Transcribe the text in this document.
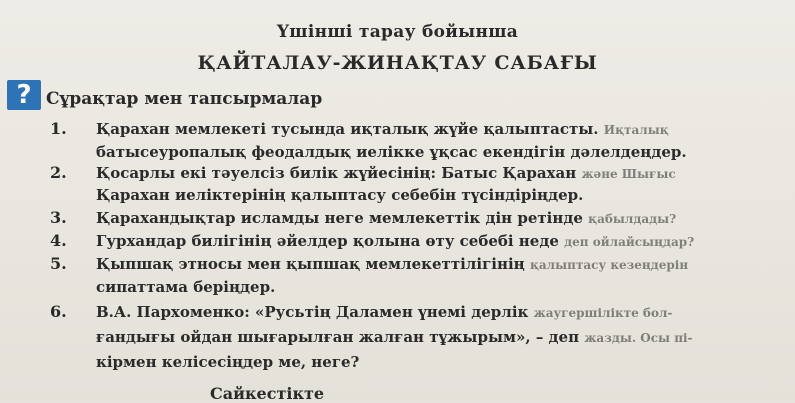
Үшінші тарау бойынша
ҚАЙТАЛАУ-ЖИНАҚТАУ САБАҒЫ
? Сұрақтар мен тапсырмалар
1. Қарахан мемлекеті тусында иқталық жүйе қалыптасты. Иқталық
батысеуропалық феодалдық иелікке ұқсас екендігін дәлелдеңдер.
2. Қосарлы екі тәуелсіз билік жүйесінің: Батыс Қарахан және Шығыс
Қарахан иеліктерінің қалыптасу себебін түсіндіріңдер.
3. Қарахандықтар исламды неге мемлекеттік дін ретінде қабылдады?
4. Гурхандар билігінің әйелдер қолына өту себебі неде деп ойлайсыңдар?
5. Қыпшақ этносы мен қыпшақ мемлекеттілігінің қалыптасу кезеңдерін
сипаттама беріңдер.
6. В.А. Пархоменко: «Русьтің Даламен үнемі дерлік жаугершілікте бол-
ғандығы ойдан шығарылған жалған тұжырым», – деп жазды. Осы пі-
кірмен келісесіңдер ме, неге?
Сайкестікте
